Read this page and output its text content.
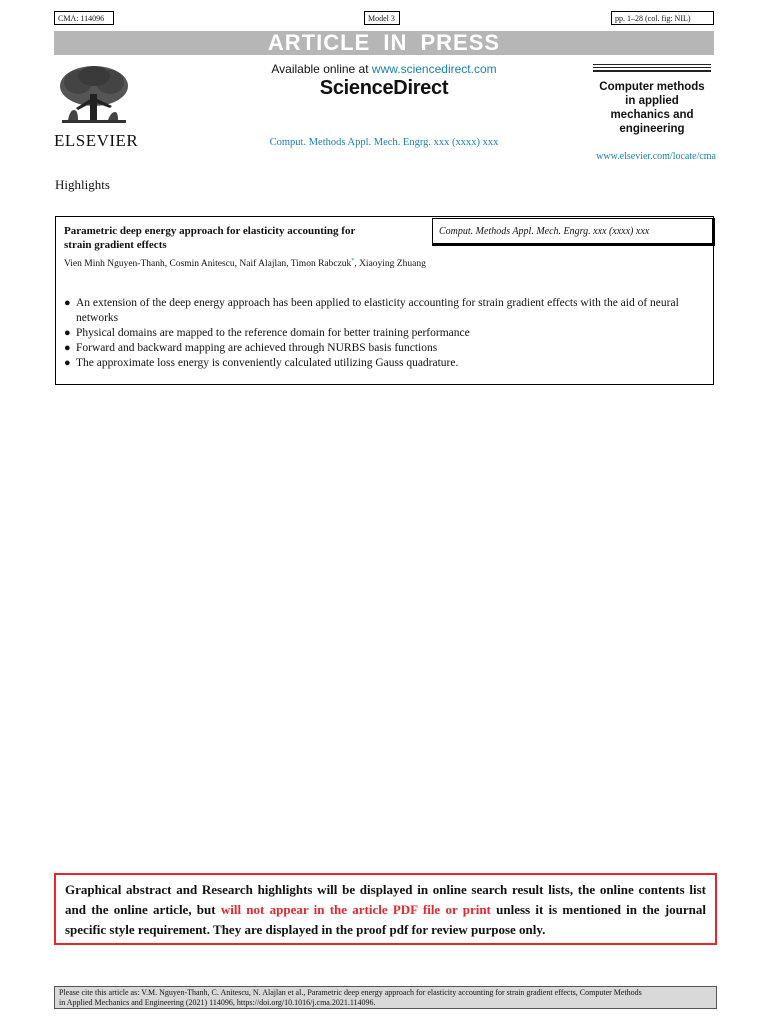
CMA: 114096	Model 3	pp. 1–28 (col. fig: NIL)
ARTICLE IN PRESS
ELSEVIER
Available online at www.sciencedirect.com
ScienceDirect
Comput. Methods Appl. Mech. Engrg. xxx (xxxx) xxx
Computer methods
in applied
mechanics and
engineering
www.elsevier.com/locate/cma
Highlights
Parametric deep energy approach for elasticity accounting for
strain gradient effects
Comput. Methods Appl. Mech. Engrg. xxx (xxxx) xxx
Vien Minh Nguyen-Thanh, Cosmin Anitescu, Naif Alajlan, Timon Rabczuk*, Xiaoying Zhuang
● An extension of the deep energy approach has been applied to elasticity accounting for strain gradient effects with the aid of neural networks
● Physical domains are mapped to the reference domain for better training performance
● Forward and backward mapping are achieved through NURBS basis functions
● The approximate loss energy is conveniently calculated utilizing Gauss quadrature.
Graphical abstract and Research highlights will be displayed in online search result lists, the online contents list and the online article, but will not appear in the article PDF file or print unless it is mentioned in the journal specific style requirement. They are displayed in the proof pdf for review purpose only.
Please cite this article as: V.M. Nguyen-Thanh, C. Anitescu, N. Alajlan et al., Parametric deep energy approach for elasticity accounting for strain gradient effects, Computer Methods
in Applied Mechanics and Engineering (2021) 114096, https://doi.org/10.1016/j.cma.2021.114096.
